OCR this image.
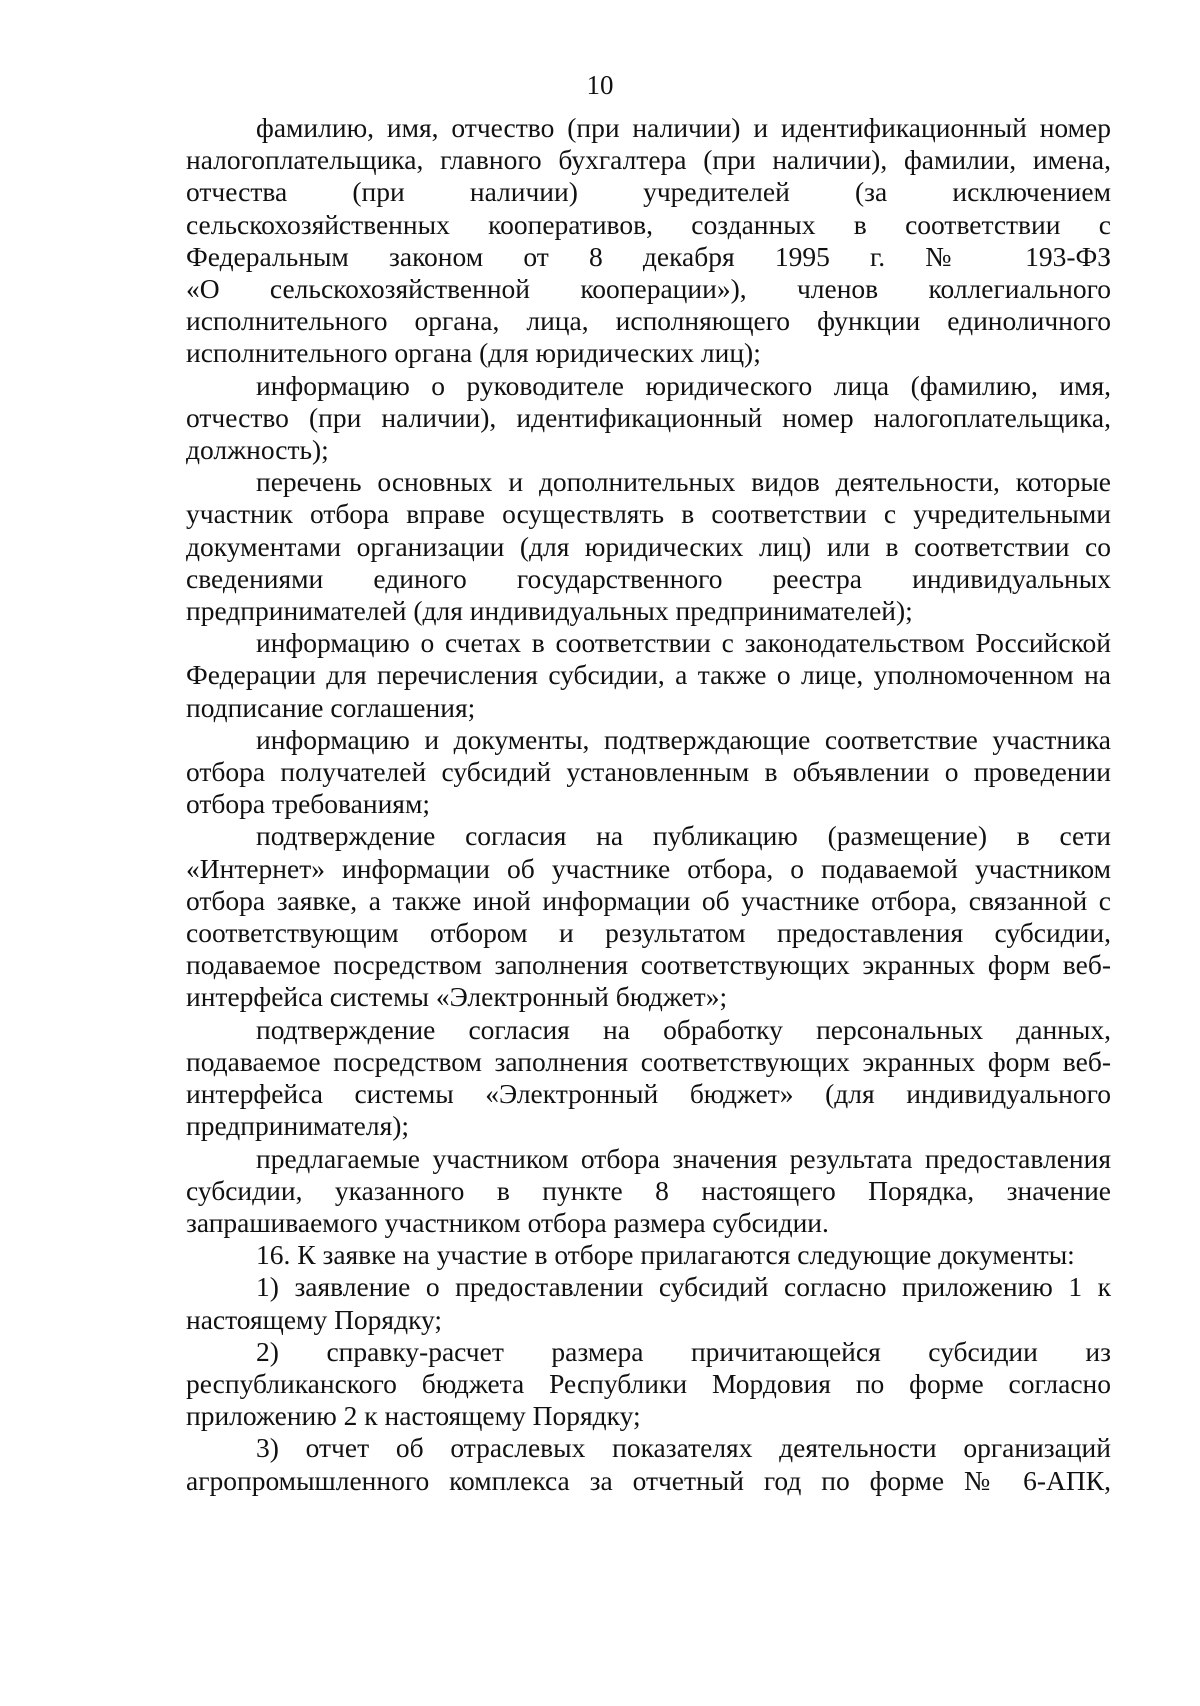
10
фамилию, имя, отчество (при наличии) и идентификационный номер
налогоплательщика, главного бухгалтера (при наличии), фамилии, имена,
отчества (при наличии) учредителей (за исключением
сельскохозяйственных кооперативов, созданных в соответствии с
Федеральным законом от 8 декабря 1995 г. № 193-ФЗ
«О сельскохозяйственной кооперации»), членов коллегиального
исполнительного органа, лица, исполняющего функции единоличного
исполнительного органа (для юридических лиц);
информацию о руководителе юридического лица (фамилию, имя,
отчество (при наличии), идентификационный номер налогоплательщика,
должность);
перечень основных и дополнительных видов деятельности, которые
участник отбора вправе осуществлять в соответствии с учредительными
документами организации (для юридических лиц) или в соответствии со
сведениями единого государственного реестра индивидуальных
предпринимателей (для индивидуальных предпринимателей);
информацию о счетах в соответствии с законодательством Российской
Федерации для перечисления субсидии, а также о лице, уполномоченном на
подписание соглашения;
информацию и документы, подтверждающие соответствие участника
отбора получателей субсидий установленным в объявлении о проведении
отбора требованиям;
подтверждение согласия на публикацию (размещение) в сети
«Интернет» информации об участнике отбора, о подаваемой участником
отбора заявке, а также иной информации об участнике отбора, связанной с
соответствующим отбором и результатом предоставления субсидии,
подаваемое посредством заполнения соответствующих экранных форм веб-
интерфейса системы «Электронный бюджет»;
подтверждение согласия на обработку персональных данных,
подаваемое посредством заполнения соответствующих экранных форм веб-
интерфейса системы «Электронный бюджет» (для индивидуального
предпринимателя);
предлагаемые участником отбора значения результата предоставления
субсидии, указанного в пункте 8 настоящего Порядка, значение
запрашиваемого участником отбора размера субсидии.
16. К заявке на участие в отборе прилагаются следующие документы:
1) заявление о предоставлении субсидий согласно приложению 1 к
настоящему Порядку;
2) справку-расчет размера причитающейся субсидии из
республиканского бюджета Республики Мордовия по форме согласно
приложению 2 к настоящему Порядку;
3) отчет об отраслевых показателях деятельности организаций
агропромышленного комплекса за отчетный год по форме № 6-АПК,
